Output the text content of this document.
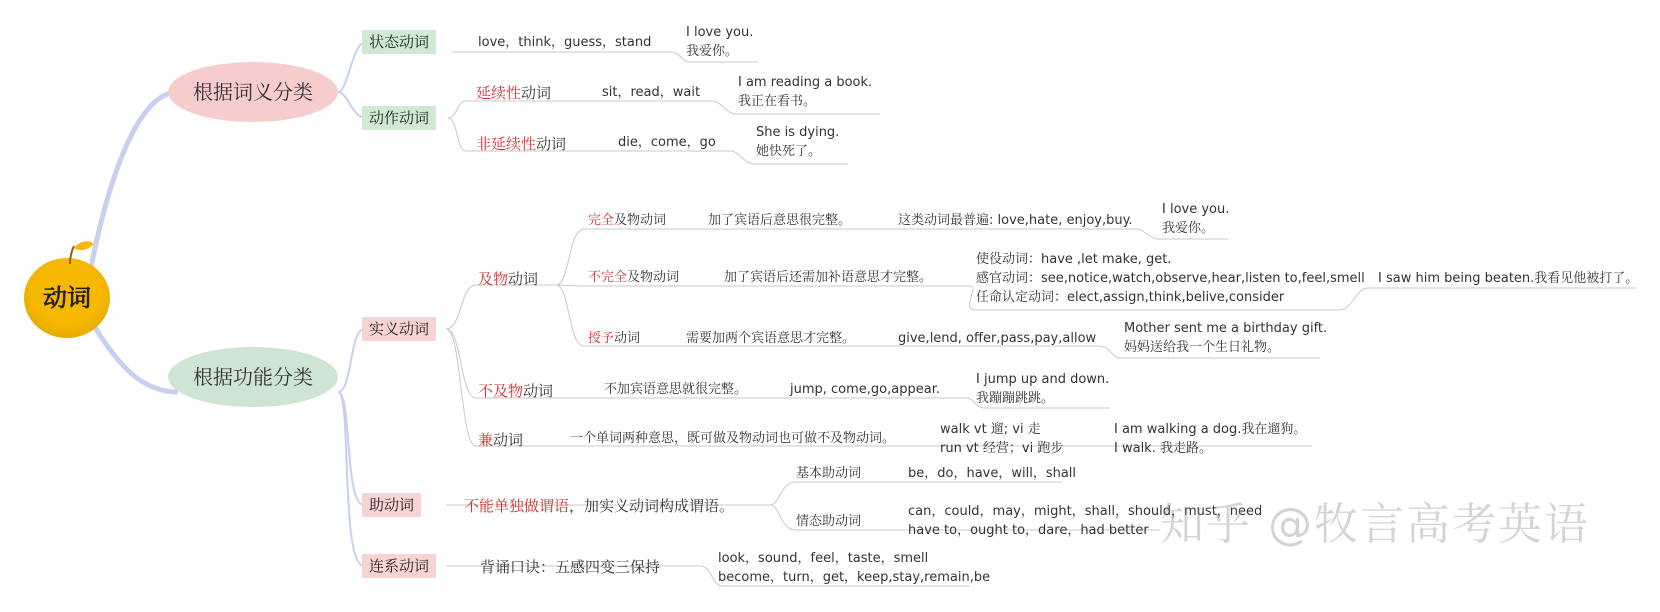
动词
根据词义分类
根据功能分类
状态动词	love，think，guess，stand
I love you.
我爱你。
动作动词
延续性动词	sit，read，wait
I am reading a book.
我正在看书。
非延续性动词	die，come，go
She is dying.
她快死了。
实义动词
及物动词
完全及物动词	加了宾语后意思很完整。	这类动词最普遍: love,hate, enjoy,buy.
I love you.
我爱你。
不完全及物动词	加了宾语后还需加补语意思才完整。
使役动词：have ,let make, get.
感官动词：see,notice,watch,observe,hear,listen to,feel,smell
任命认定动词：elect,assign,think,belive,consider
I saw him being beaten.我看见他被打了。
授予动词	需要加两个宾语意思才完整。	give,lend, offer,pass,pay,allow
Mother sent me a birthday gift.
妈妈送给我一个生日礼物。
不及物动词	不加宾语意思就很完整。	jump, come,go,appear.
I jump up and down.
我蹦蹦跳跳。
兼动词	一个单词两种意思，既可做及物动词也可做不及物动词。
walk vt 遛; vi 走
run vt 经营；vi 跑步
I am walking a dog.我在遛狗。
I walk. 我走路。
助动词	不能单独做谓语，加实义动词构成谓语。
基本助动词	be，do，have，will，shall
情态助动词
can，could，may，might，shall，should，must，need
have to，ought to，dare，had better
连系动词	背诵口诀：五感四变三保持	look，sound，feel，taste，smell
become，turn，get，keep,stay,remain,be
知乎 @牧言高考英语
